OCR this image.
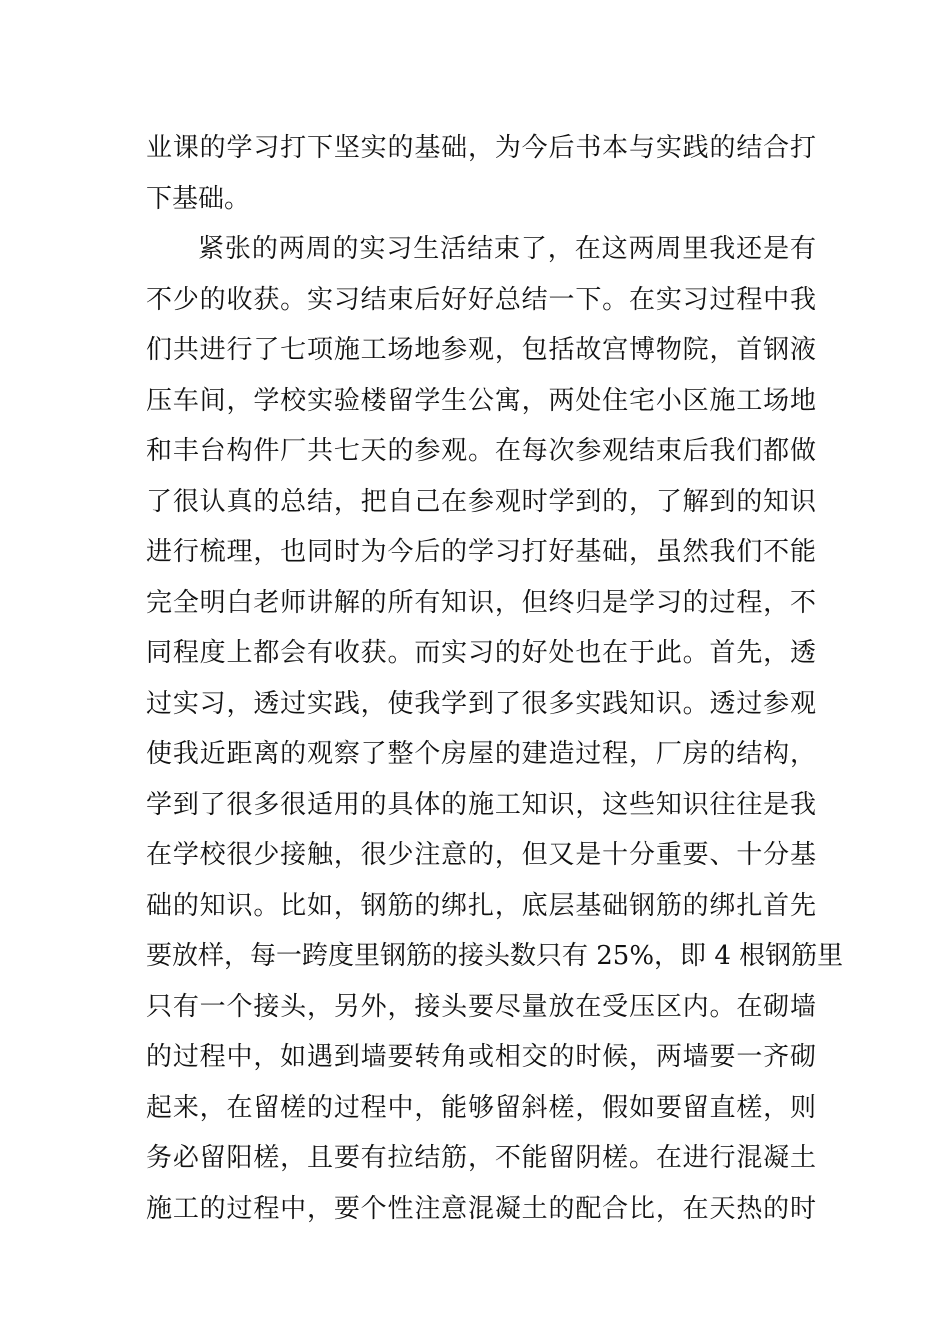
业课的学习打下坚实的基础，为今后书本与实践的结合打
下基础。
紧张的两周的实习生活结束了，在这两周里我还是有
不少的收获。实习结束后好好总结一下。在实习过程中我
们共进行了七项施工场地参观，包括故宫博物院，首钢液
压车间，学校实验楼留学生公寓，两处住宅小区施工场地
和丰台构件厂共七天的参观。在每次参观结束后我们都做
了很认真的总结，把自己在参观时学到的，了解到的知识
进行梳理，也同时为今后的学习打好基础，虽然我们不能
完全明白老师讲解的所有知识，但终归是学习的过程，不
同程度上都会有收获。而实习的好处也在于此。首先，透
过实习，透过实践，使我学到了很多实践知识。透过参观
使我近距离的观察了整个房屋的建造过程，厂房的结构，
学到了很多很适用的具体的施工知识，这些知识往往是我
在学校很少接触，很少注意的，但又是十分重要、十分基
础的知识。比如，钢筋的绑扎，底层基础钢筋的绑扎首先
要放样，每一跨度里钢筋的接头数只有 25%，即 4 根钢筋里
只有一个接头，另外，接头要尽量放在受压区内。在砌墙
的过程中，如遇到墙要转角或相交的时候，两墙要一齐砌
起来，在留槎的过程中，能够留斜槎，假如要留直槎，则
务必留阳槎，且要有拉结筋，不能留阴槎。在进行混凝土
施工的过程中，要个性注意混凝土的配合比，在天热的时
